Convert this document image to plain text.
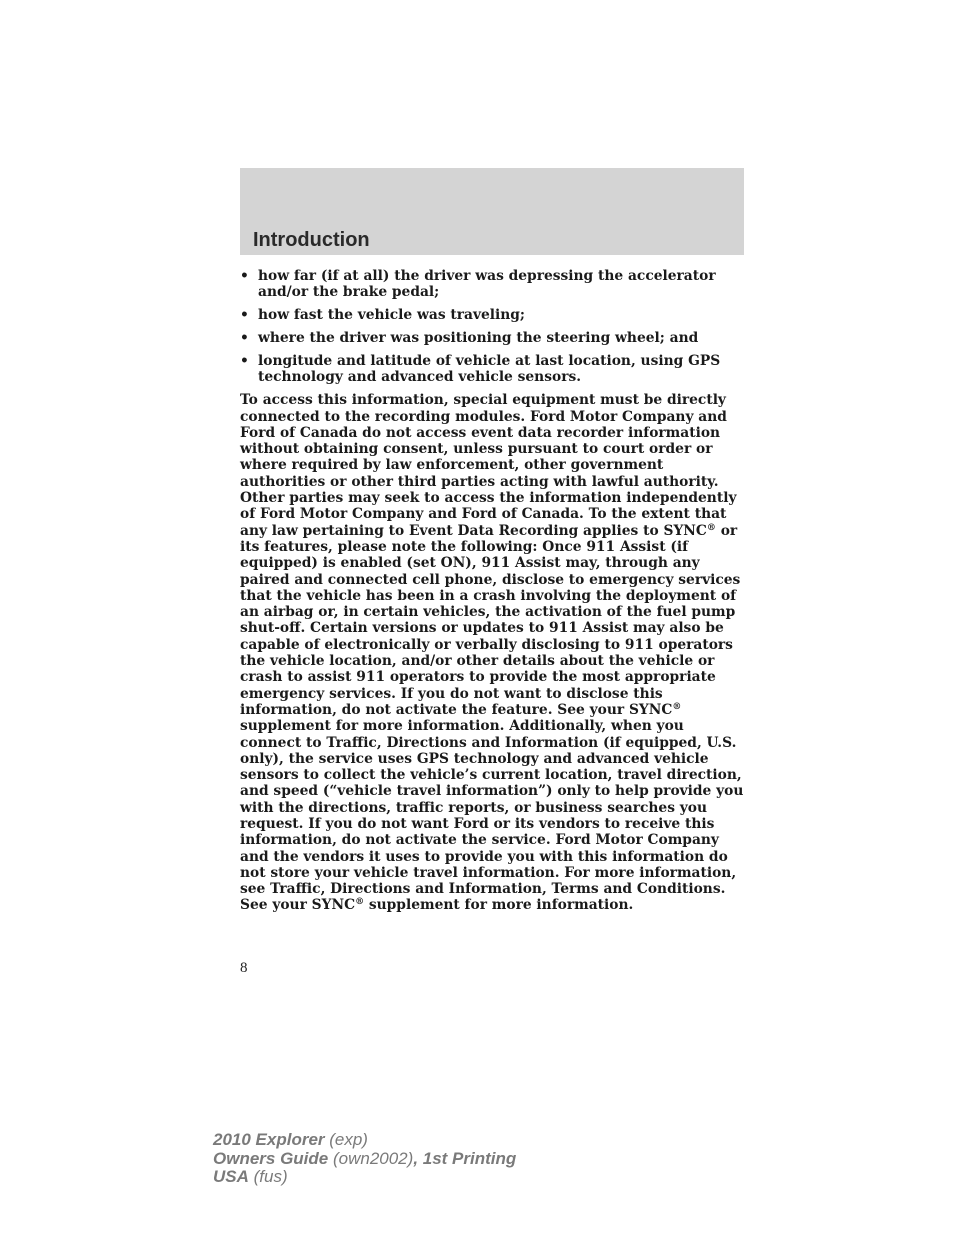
Introduction
• how far (if at all) the driver was depressing the accelerator and/or the brake pedal;
• how fast the vehicle was traveling;
• where the driver was positioning the steering wheel; and
• longitude and latitude of vehicle at last location, using GPS technology and advanced vehicle sensors.

To access this information, special equipment must be directly connected to the recording modules. Ford Motor Company and Ford of Canada do not access event data recorder information without obtaining consent, unless pursuant to court order or where required by law enforcement, other government authorities or other third parties acting with lawful authority. Other parties may seek to access the information independently of Ford Motor Company and Ford of Canada. To the extent that any law pertaining to Event Data Recording applies to SYNC® or its features, please note the following: Once 911 Assist (if equipped) is enabled (set ON), 911 Assist may, through any paired and connected cell phone, disclose to emergency services that the vehicle has been in a crash involving the deployment of an airbag or, in certain vehicles, the activation of the fuel pump shut-off. Certain versions or updates to 911 Assist may also be capable of electronically or verbally disclosing to 911 operators the vehicle location, and/or other details about the vehicle or crash to assist 911 operators to provide the most appropriate emergency services. If you do not want to disclose this information, do not activate the feature. See your SYNC® supplement for more information. Additionally, when you connect to Traffic, Directions and Information (if equipped, U.S. only), the service uses GPS technology and advanced vehicle sensors to collect the vehicle’s current location, travel direction, and speed (“vehicle travel information”) only to help provide you with the directions, traffic reports, or business searches you request. If you do not want Ford or its vendors to receive this information, do not activate the service. Ford Motor Company and the vendors it uses to provide you with this information do not store your vehicle travel information. For more information, see Traffic, Directions and Information, Terms and Conditions. See your SYNC® supplement for more information.

8
2010 Explorer (exp)
Owners Guide (own2002), 1st Printing
USA (fus)
